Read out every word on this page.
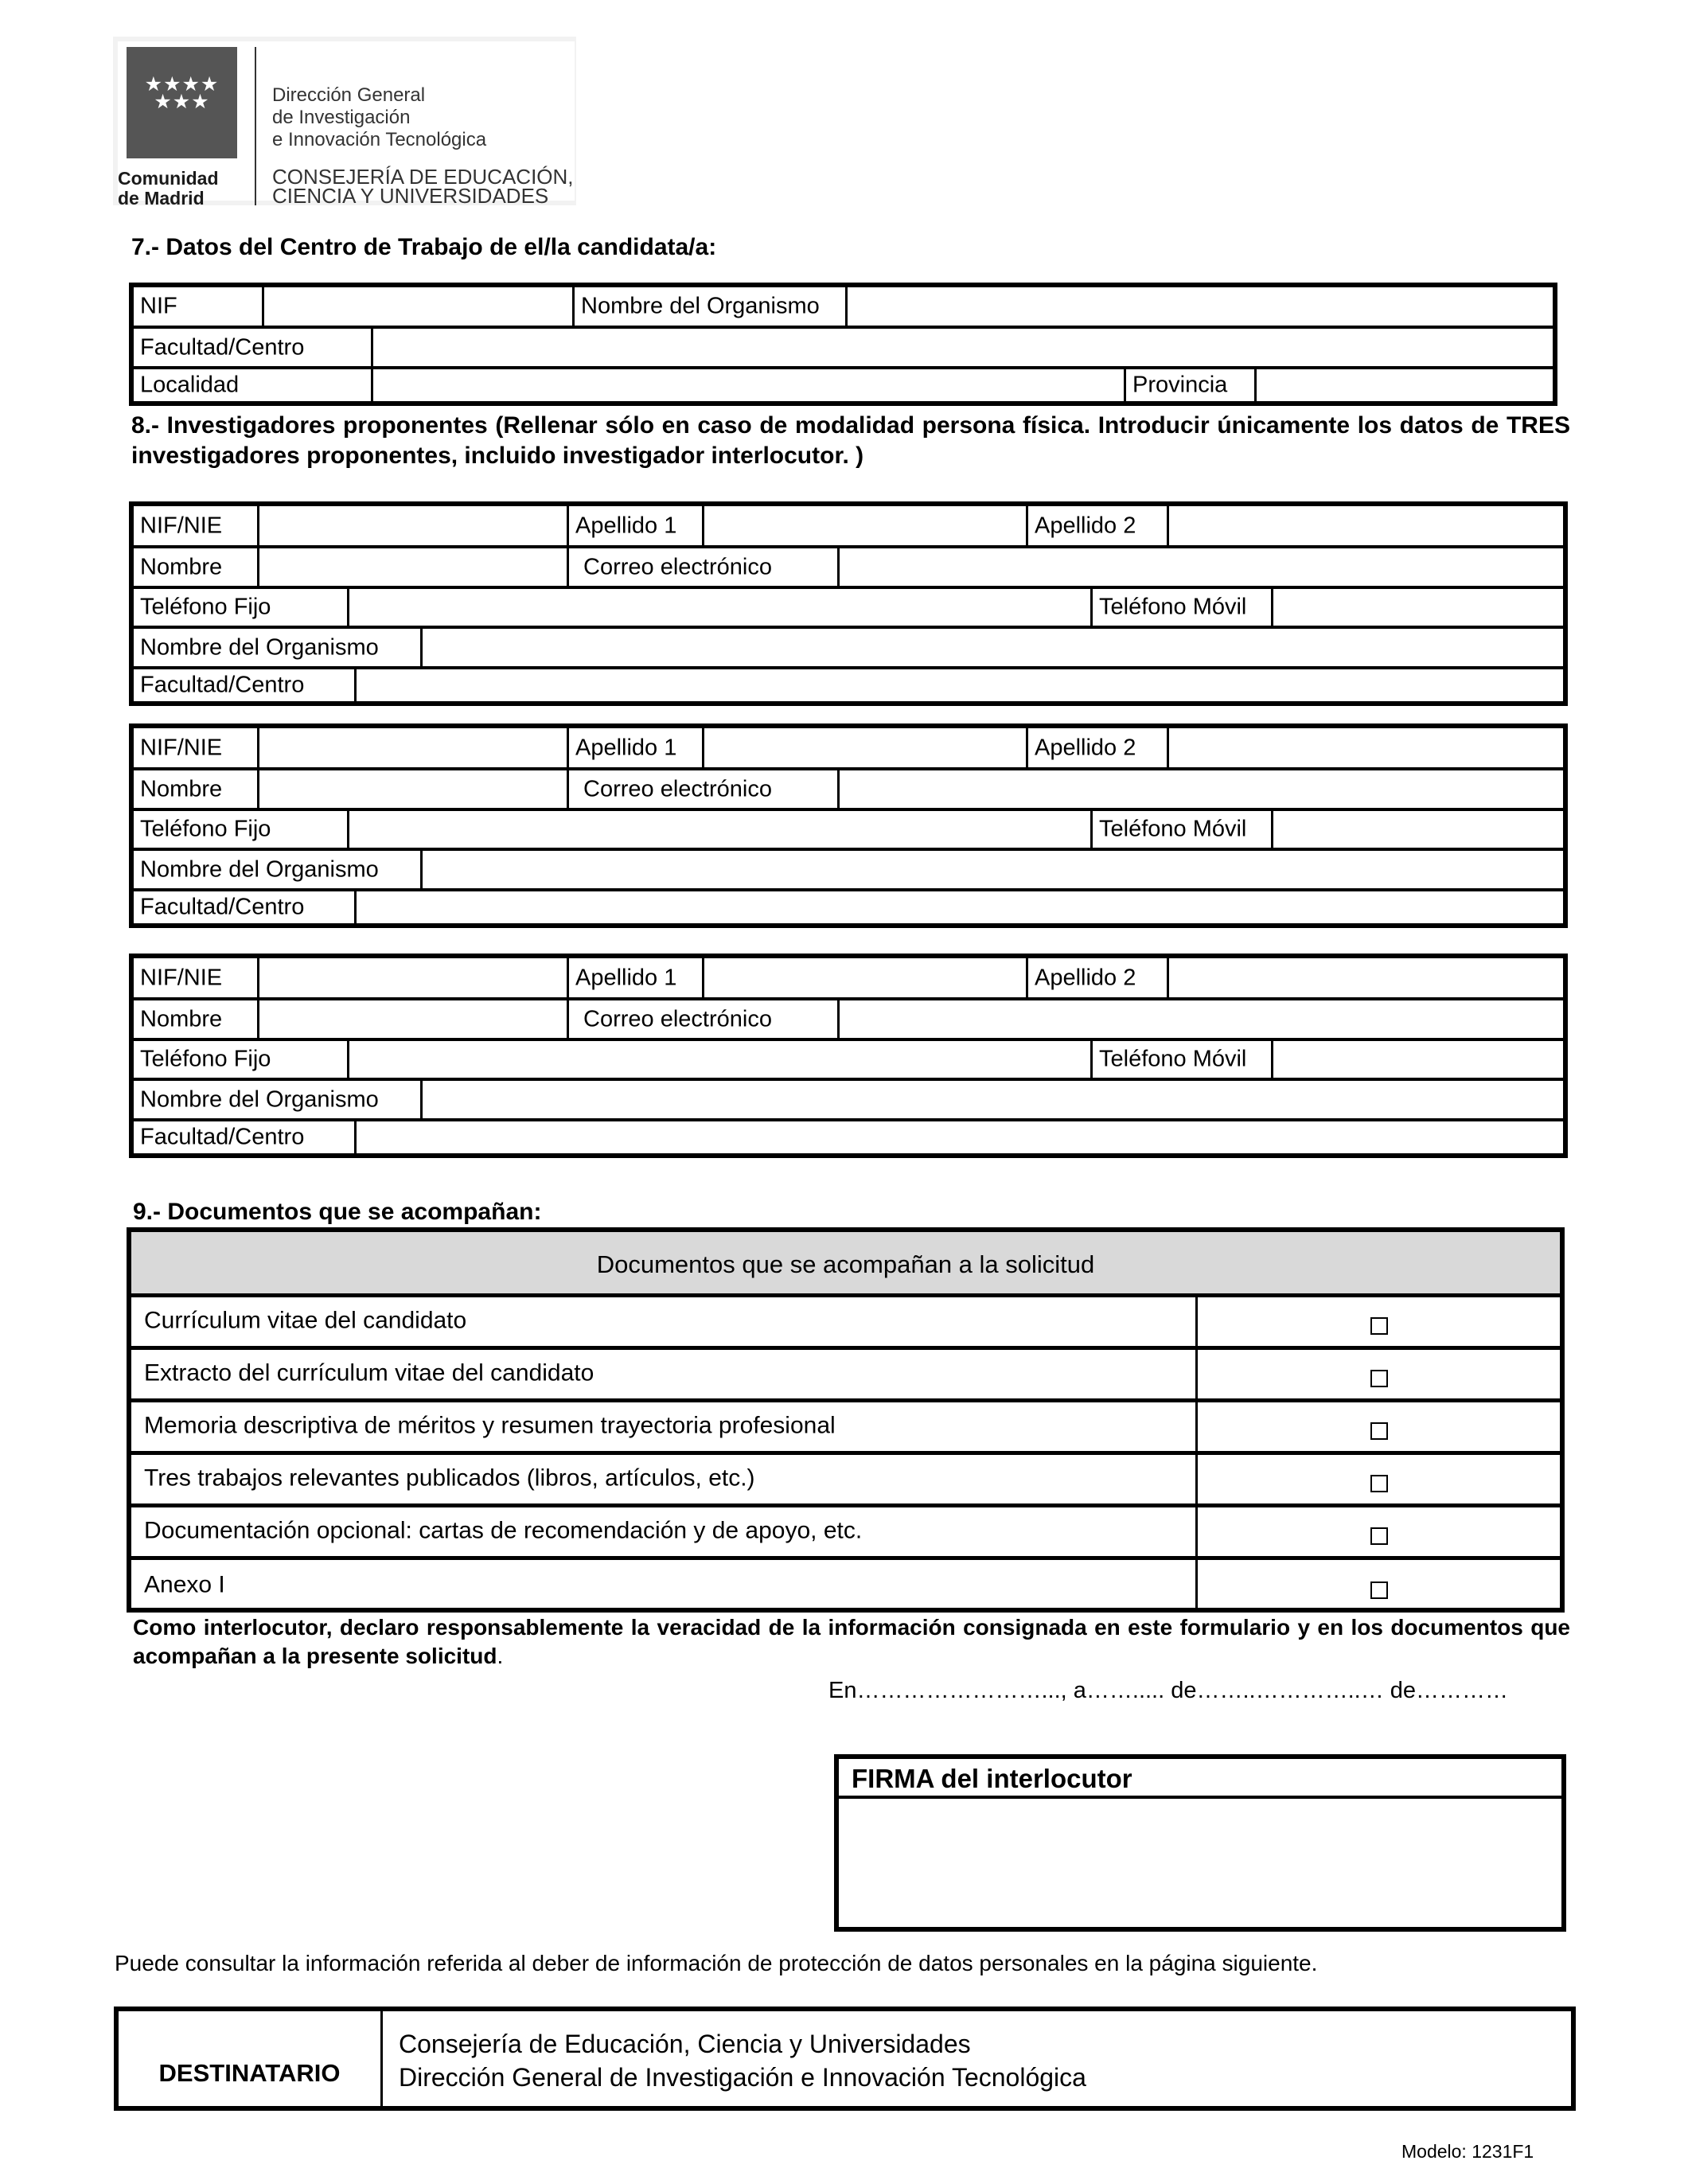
★★★★
★★★
Comunidad
de Madrid
Dirección General
de Investigación
e Innovación Tecnológica
CONSEJERÍA DE EDUCACIÓN,
CIENCIA Y UNIVERSIDADES
7.- Datos del Centro de Trabajo de el/la candidata/a:
NIF	Nombre del Organismo
Facultad/Centro
Localidad	Provincia
8.- Investigadores proponentes (Rellenar sólo en caso de modalidad persona física. Introducir únicamente los datos de TRES investigadores proponentes, incluido investigador interlocutor. )
NIF/NIE	Apellido 1	Apellido 2
Nombre	Correo electrónico
Teléfono Fijo	Teléfono Móvil
Nombre del Organismo
Facultad/Centro
NIF/NIE	Apellido 1	Apellido 2
Nombre	Correo electrónico
Teléfono Fijo	Teléfono Móvil
Nombre del Organismo
Facultad/Centro
NIF/NIE	Apellido 1	Apellido 2
Nombre	Correo electrónico
Teléfono Fijo	Teléfono Móvil
Nombre del Organismo
Facultad/Centro
9.- Documentos que se acompañan:
Documentos que se acompañan a la solicitud
Currículum vitae del candidato
Extracto del currículum vitae del candidato
Memoria descriptiva de méritos y resumen trayectoria profesional
Tres trabajos relevantes publicados (libros, artículos, etc.)
Documentación opcional: cartas de recomendación y de apoyo, etc.
Anexo I
Como interlocutor, declaro responsablemente la veracidad de la información consignada en este formulario y en los documentos que acompañan a la presente solicitud.
En……………………..., a……..... de……..…………..… de…………
FIRMA del interlocutor
Puede consultar la información referida al deber de información de protección de datos personales en la página siguiente.
DESTINATARIO
Consejería de Educación, Ciencia y Universidades
Dirección General de Investigación e Innovación Tecnológica
Modelo: 1231F1
